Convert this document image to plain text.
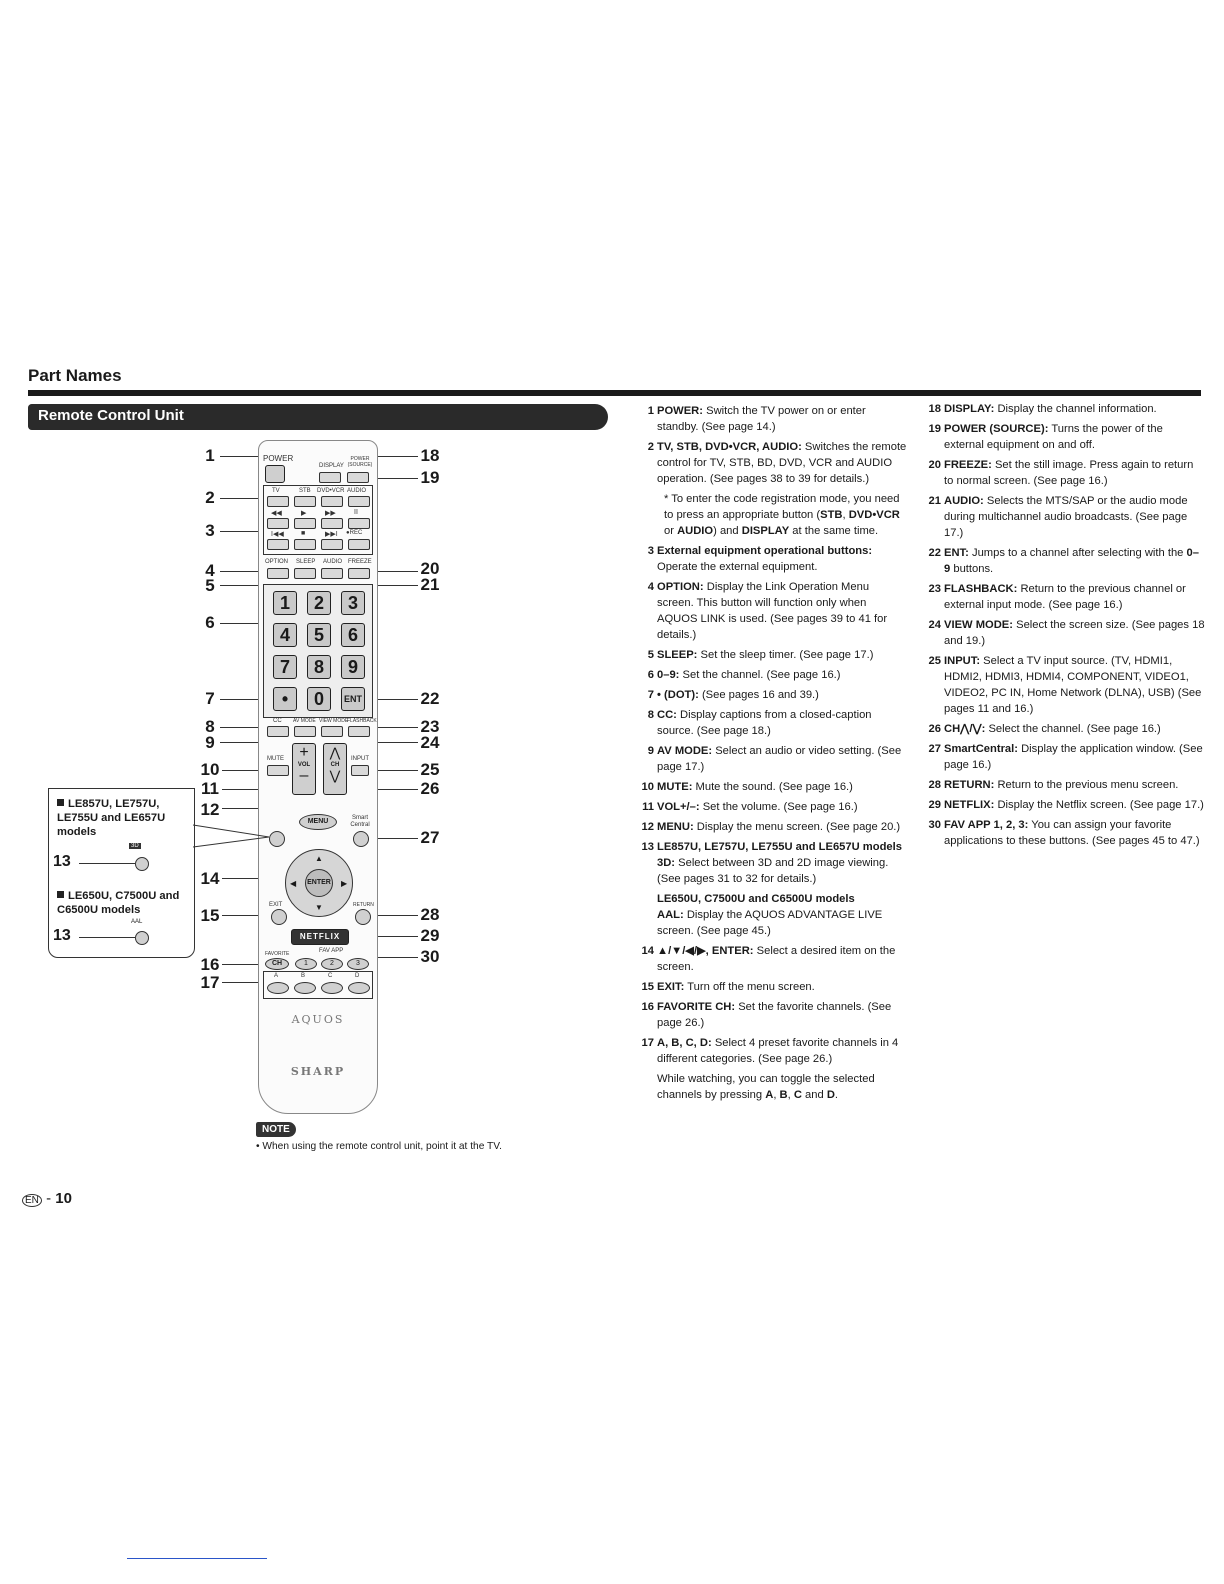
Part Names
Remote Control Unit
1
2
3
4
5
6
7
8
9
10
11
12
14
15
16
17
18
19
20
21
22
23
24
25
26
27
28
29
30
POWER
DISPLAY
POWER (SOURCE)
TV	STB DVD•VCR AUDIO
◀◀	▶	▶▶	II
I◀◀ ■	▶▶I ●REC
OPTION SLEEP AUDIO FREEZE
1	2	3
4	5	6
7	8	9
•	0	ENT
CC AV MODE VIEW MODE
FLASHBACK
MUTE +
VOL
–
⋀
CH
⋁
INPUT
MENU	Smart Central
▲
▼
◀	▶
ENTER
EXIT	RETURN
NETFLIX
FAVORITE	FAV APP
CH	1	2	3
A	B	C	D
AQUOS
SHARP
LE857U, LE757U, LE755U and LE657U models
3D
13
LE650U, C7500U and C6500U models
AAL
13
NOTE
• When using the remote control unit, point it at the TV.
1 POWER: Switch the TV power on or enter standby. (See page 14.)
2 TV, STB, DVD•VCR, AUDIO: Switches the remote control for TV, STB, BD, DVD, VCR and AUDIO operation. (See pages 38 to 39 for details.)
* To enter the code registration mode, you need to press an appropriate button (STB, DVD•VCR or AUDIO) and DISPLAY at the same time.
3 External equipment operational buttons:
Operate the external equipment.
4 OPTION: Display the Link Operation Menu screen. This button will function only when AQUOS LINK is used. (See pages 39 to 41 for details.)
5 SLEEP: Set the sleep timer. (See page 17.)
6 0–9: Set the channel. (See page 16.)
7 • (DOT): (See pages 16 and 39.)
8 CC: Display captions from a closed-caption source. (See page 18.)
9 AV MODE: Select an audio or video setting. (See page 17.)
10 MUTE: Mute the sound. (See page 16.)
11 VOL+/–: Set the volume. (See page 16.)
12 MENU: Display the menu screen. (See page 20.)
13 LE857U, LE757U, LE755U and LE657U models
3D: Select between 3D and 2D image viewing. (See pages 31 to 32 for details.)
LE650U, C7500U and C6500U models
AAL: Display the AQUOS ADVANTAGE LIVE screen. (See page 45.)
14 ▲/▼/◀/▶, ENTER: Select a desired item on the screen.
15 EXIT: Turn off the menu screen.
16 FAVORITE CH: Set the favorite channels. (See page 26.)
17 A, B, C, D: Select 4 preset favorite channels in 4 different categories. (See page 26.)
While watching, you can toggle the selected channels by pressing A, B, C and D.
18 DISPLAY: Display the channel information.
19 POWER (SOURCE): Turns the power of the external equipment on and off.
20 FREEZE: Set the still image. Press again to return to normal screen. (See page 16.)
21 AUDIO: Selects the MTS/SAP or the audio mode during multichannel audio broadcasts. (See page 17.)
22 ENT: Jumps to a channel after selecting with the 0–9 buttons.
23 FLASHBACK: Return to the previous channel or external input mode. (See page 16.)
24 VIEW MODE: Select the screen size. (See pages 18 and 19.)
25 INPUT: Select a TV input source. (TV, HDMI1, HDMI2, HDMI3, HDMI4, COMPONENT, VIDEO1, VIDEO2, PC IN, Home Network (DLNA), USB) (See pages 11 and 16.)
26 CH⋀/⋁: Select the channel. (See page 16.)
27 SmartCentral: Display the application window. (See page 16.)
28 RETURN: Return to the previous menu screen.
29 NETFLIX: Display the Netflix screen. (See page 17.)
30 FAV APP 1, 2, 3: You can assign your favorite applications to these buttons. (See pages 45 to 47.)
EN - 10
